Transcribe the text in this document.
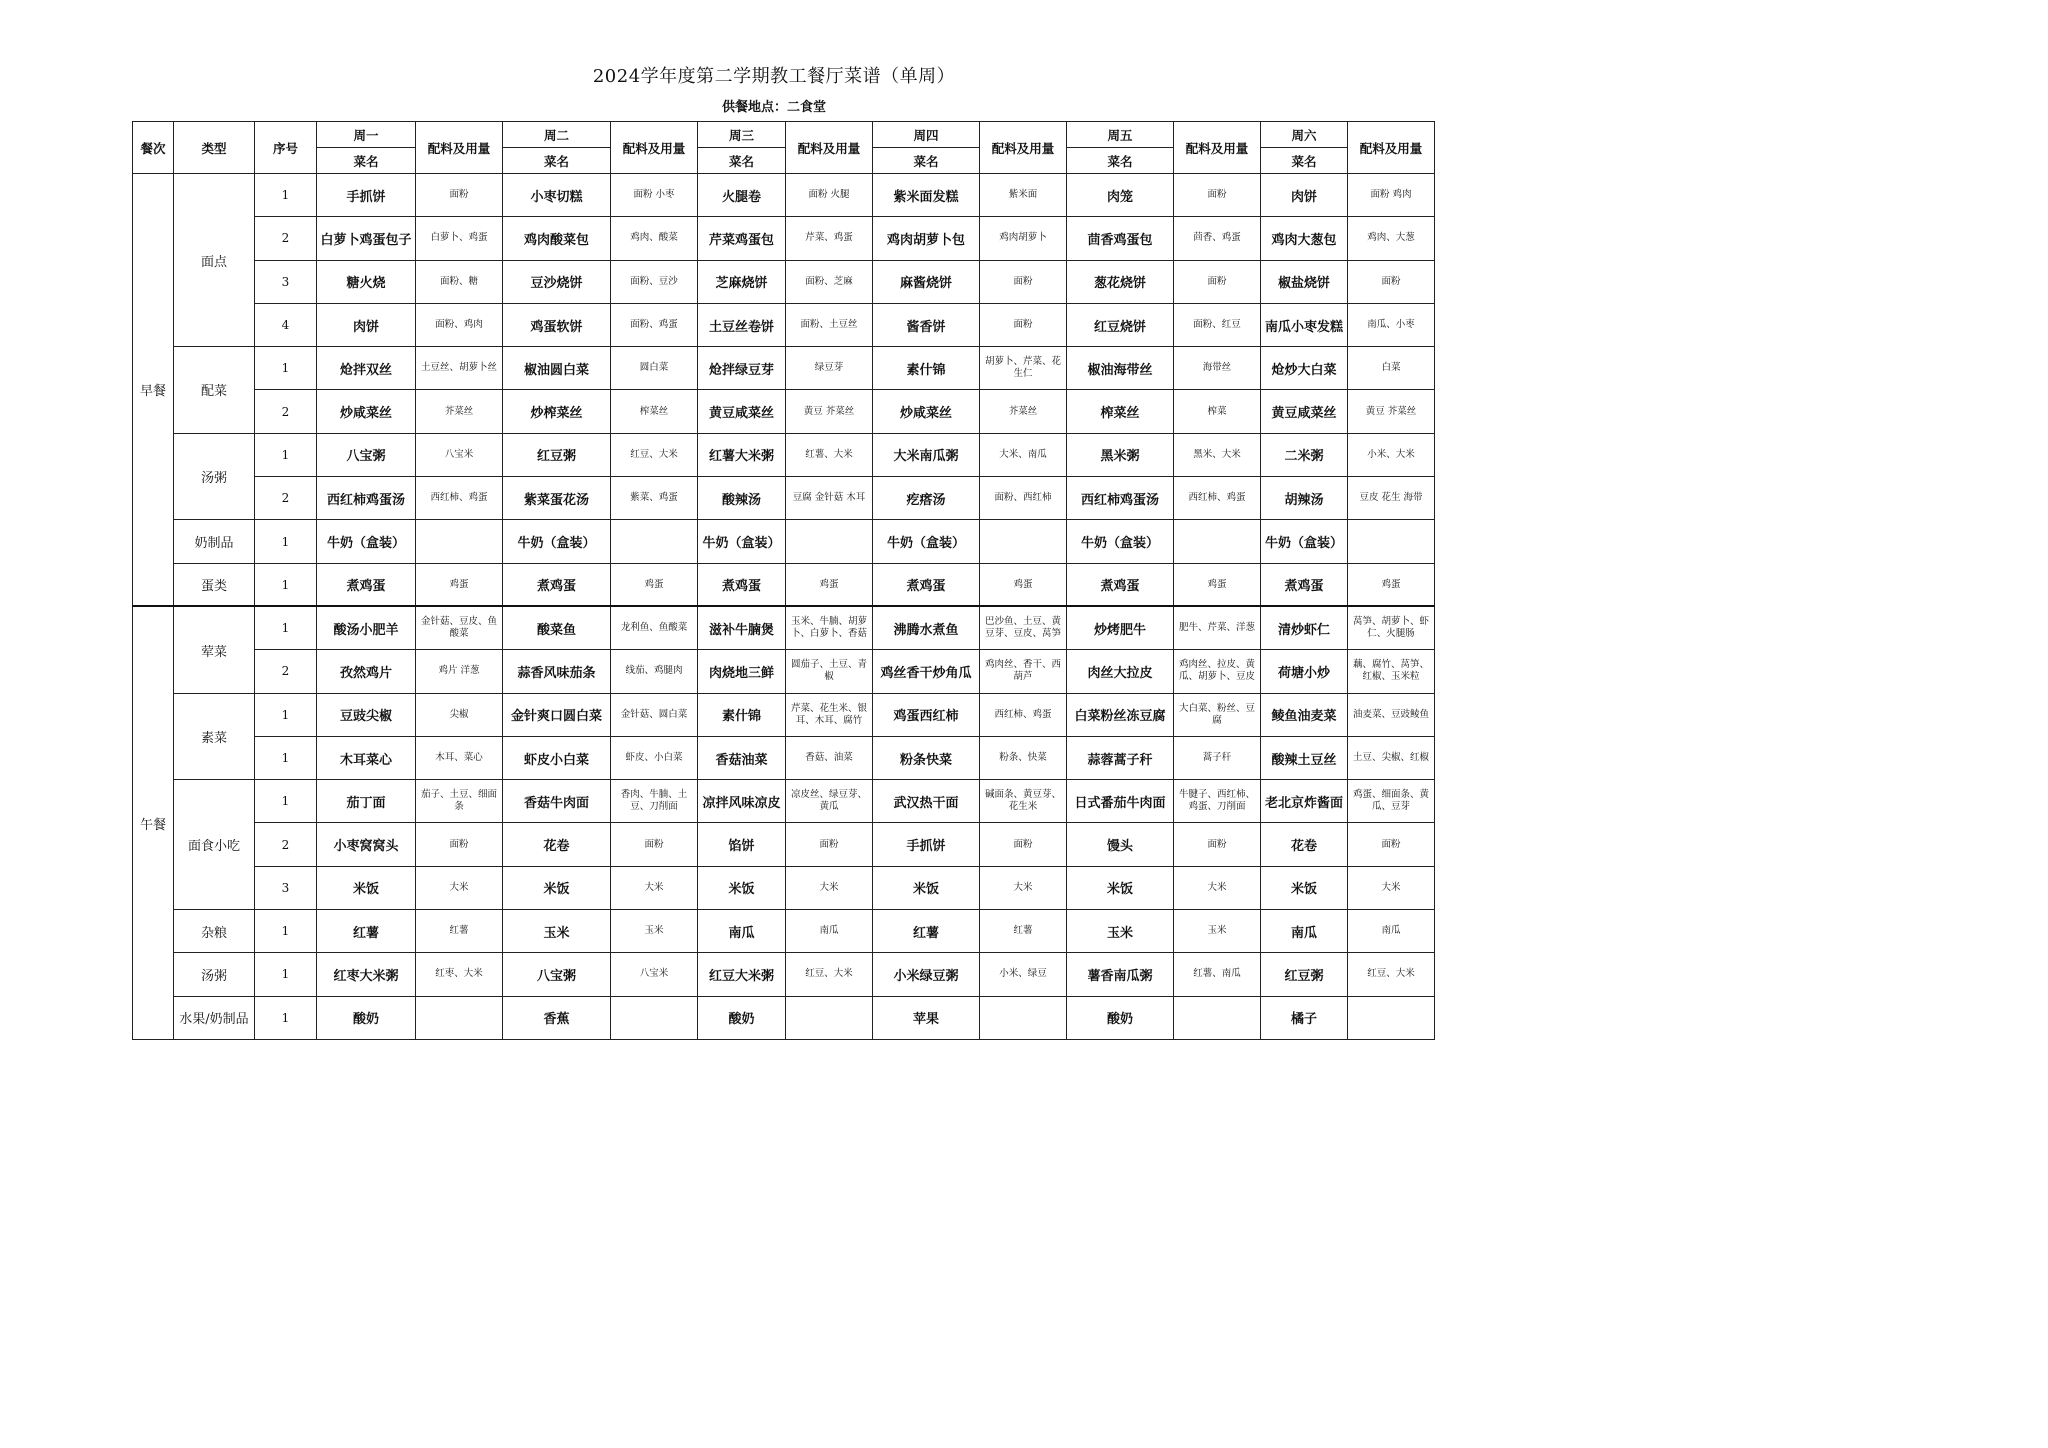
2024学年度第二学期教工餐厅菜谱（单周）
供餐地点：二食堂
餐次	类型	序号	周一	配料及用量	周二	配料及用量	周三	配料及用量	周四	配料及用量	周五	配料及用量	周六	配料及用量
			菜名		菜名		菜名		菜名		菜名		菜名	
早餐	面点	1	手抓饼	面粉	小枣切糕	面粉 小枣	火腿卷	面粉 火腿	紫米面发糕	紫米面	肉笼	面粉	肉饼	面粉 鸡肉
		2	白萝卜鸡蛋包子	白萝卜、鸡蛋	鸡肉酸菜包	鸡肉、酸菜	芹菜鸡蛋包	芹菜、鸡蛋	鸡肉胡萝卜包	鸡肉胡萝卜	茴香鸡蛋包	茴香、鸡蛋	鸡肉大葱包	鸡肉、大葱
		3	糖火烧	面粉、糖	豆沙烧饼	面粉、豆沙	芝麻烧饼	面粉、芝麻	麻酱烧饼	面粉	葱花烧饼	面粉	椒盐烧饼	面粉
		4	肉饼	面粉、鸡肉	鸡蛋软饼	面粉、鸡蛋	土豆丝卷饼	面粉、土豆丝	酱香饼	面粉	红豆烧饼	面粉、红豆	南瓜小枣发糕	南瓜、小枣
	配菜	1	炝拌双丝	土豆丝、胡萝卜丝	椒油圆白菜	圆白菜	炝拌绿豆芽	绿豆芽	素什锦	胡萝卜、芹菜、花生仁	椒油海带丝	海带丝	炝炒大白菜	白菜
		2	炒咸菜丝	芥菜丝	炒榨菜丝	榨菜丝	黄豆咸菜丝	黄豆 芥菜丝	炒咸菜丝	芥菜丝	榨菜丝	榨菜	黄豆咸菜丝	黄豆 芥菜丝
	汤粥	1	八宝粥	八宝米	红豆粥	红豆、大米	红薯大米粥	红薯、大米	大米南瓜粥	大米、南瓜	黑米粥	黑米、大米	二米粥	小米、大米
		2	西红柿鸡蛋汤	西红柿、鸡蛋	紫菜蛋花汤	紫菜、鸡蛋	酸辣汤	豆腐 金针菇 木耳	疙瘩汤	面粉、西红柿	西红柿鸡蛋汤	西红柿、鸡蛋	胡辣汤	豆皮 花生 海带
	奶制品	1	牛奶（盒装）		牛奶（盒装）		牛奶（盒装）		牛奶（盒装）		牛奶（盒装）		牛奶（盒装）	
	蛋类	1	煮鸡蛋	鸡蛋	煮鸡蛋	鸡蛋	煮鸡蛋	鸡蛋	煮鸡蛋	鸡蛋	煮鸡蛋	鸡蛋	煮鸡蛋	鸡蛋
午餐	荤菜	1	酸汤小肥羊	金针菇、豆皮、鱼酸菜	酸菜鱼	龙利鱼、鱼酸菜	滋补牛腩煲	玉米、牛腩、胡萝卜、白萝卜、香菇	沸腾水煮鱼	巴沙鱼、土豆、黄豆芽、豆皮、莴笋	炒烤肥牛	肥牛、芹菜、洋葱	清炒虾仁	莴笋、胡萝卜、虾仁、火腿肠
		2	孜然鸡片	鸡片 洋葱	蒜香风味茄条	线茄、鸡腿肉	肉烧地三鲜	圆茄子、土豆、青椒	鸡丝香干炒角瓜	鸡肉丝、香干、西葫芦	肉丝大拉皮	鸡肉丝、拉皮、黄瓜、胡萝卜、豆皮	荷塘小炒	藕、腐竹、莴笋、红椒、玉米粒
	素菜	1	豆豉尖椒	尖椒	金针爽口圆白菜	金针菇、圆白菜	素什锦	芹菜、花生米、银耳、木耳、腐竹	鸡蛋西红柿	西红柿、鸡蛋	白菜粉丝冻豆腐	大白菜、粉丝、豆腐	鲮鱼油麦菜	油麦菜、豆豉鲮鱼
		1	木耳菜心	木耳、菜心	虾皮小白菜	虾皮、小白菜	香菇油菜	香菇、油菜	粉条快菜	粉条、快菜	蒜蓉蒿子秆	蒿子秆	酸辣土豆丝	土豆、尖椒、红椒
	面食小吃	1	茄丁面	茄子、土豆、细面条	香菇牛肉面	香肉、牛腩、土豆、刀削面	凉拌风味凉皮	凉皮丝、绿豆芽、黄瓜	武汉热干面	碱面条、黄豆芽、花生米	日式番茄牛肉面	牛腱子、西红柿、鸡蛋、刀削面	老北京炸酱面	鸡蛋、细面条、黄瓜、豆芽
		2	小枣窝窝头	面粉	花卷	面粉	馅饼	面粉	手抓饼	面粉	馒头	面粉	花卷	面粉
		3	米饭	大米	米饭	大米	米饭	大米	米饭	大米	米饭	大米	米饭	大米
	杂粮	1	红薯	红薯	玉米	玉米	南瓜	南瓜	红薯	红薯	玉米	玉米	南瓜	南瓜
	汤粥	1	红枣大米粥	红枣、大米	八宝粥	八宝米	红豆大米粥	红豆、大米	小米绿豆粥	小米、绿豆	薯香南瓜粥	红薯、南瓜	红豆粥	红豆、大米
	水果/奶制品	1	酸奶		香蕉		酸奶		苹果		酸奶		橘子	
